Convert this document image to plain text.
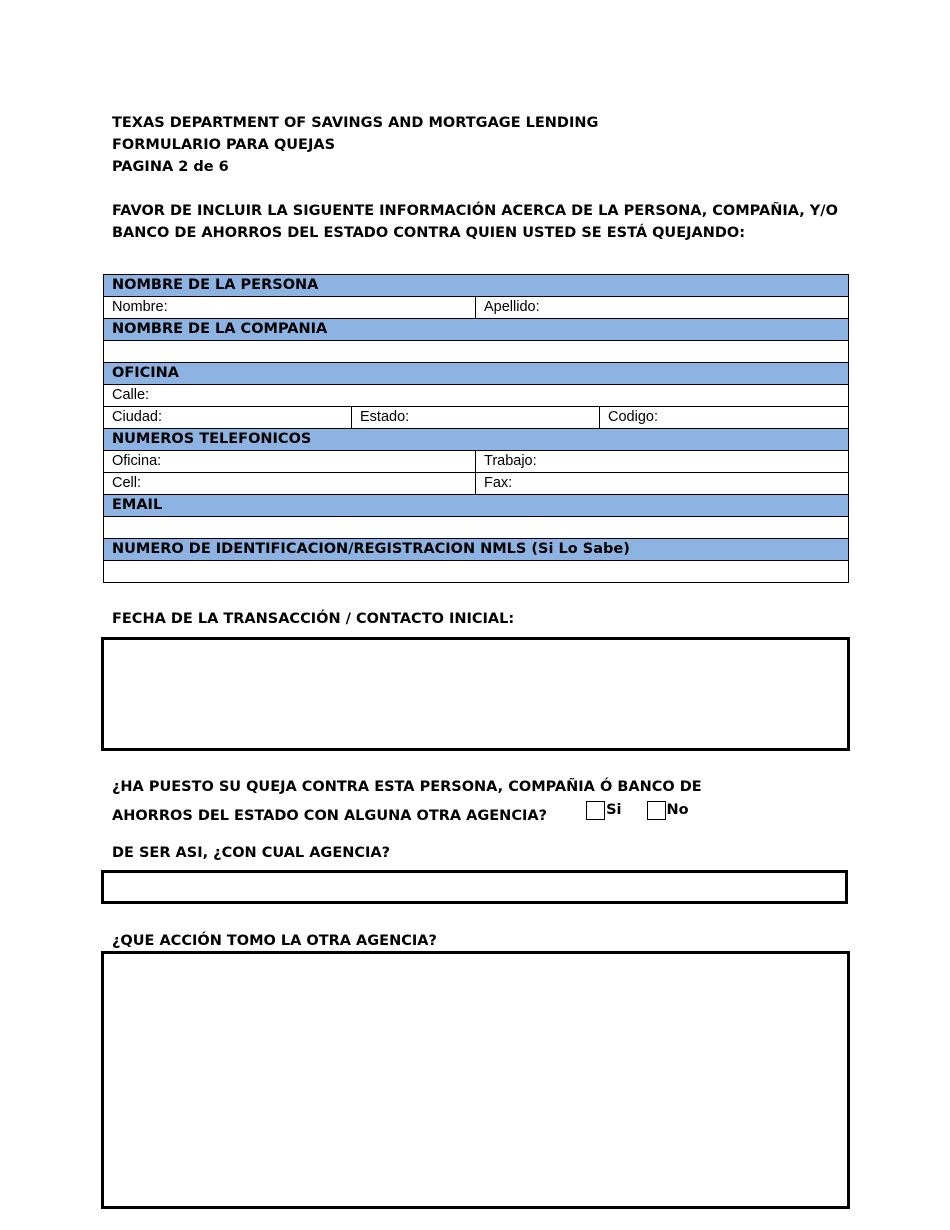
TEXAS DEPARTMENT OF SAVINGS AND MORTGAGE LENDING
FORMULARIO PARA QUEJAS
PAGINA 2 de 6
FAVOR DE INCLUIR LA SIGUENTE INFORMACIÓN ACERCA DE LA PERSONA, COMPAÑIA, Y/O BANCO DE AHORROS DEL ESTADO CONTRA QUIEN USTED SE ESTÁ QUEJANDO:
NOMBRE DE LA PERSONA			
Nombre:		Apellido:	
NOMBRE DE LA COMPANIA			

OFICINA			
Calle:			
Ciudad:	Estado:		Codigo:
NUMEROS TELEFONICOS			
Oficina:		Trabajo:	
Cell:		Fax:	
EMAIL			

NUMERO DE IDENTIFICACION/REGISTRACION NMLS (Si Lo Sabe)			

FECHA DE LA TRANSACCIÓN / CONTACTO INICIAL:
¿HA PUESTO SU QUEJA CONTRA ESTA PERSONA, COMPAÑIA Ó BANCO DE
AHORROS DEL ESTADO CON ALGUNA OTRA AGENCIA?	Si
	No
DE SER ASI, ¿CON CUAL AGENCIA?
¿QUE ACCIÓN TOMO LA OTRA AGENCIA?
